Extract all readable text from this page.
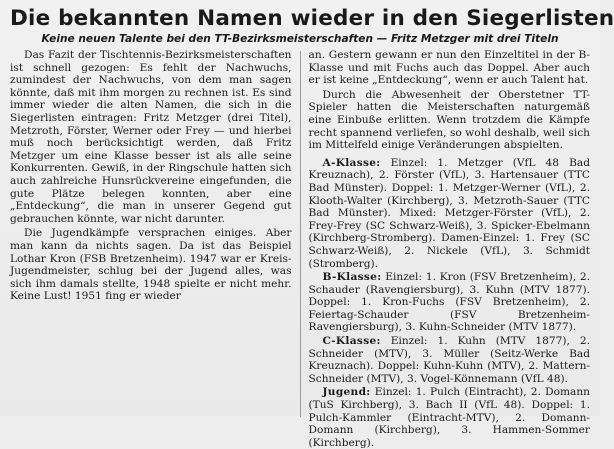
Die bekannten Namen wieder in den Siegerlisten
Keine neuen Talente bei den TT-Bezirksmeisterschaften — Fritz Metzger mit drei Titeln

Das Fazit der Tischtennis-Bezirksmeisterschaften ist schnell gezogen: Es fehlt der Nachwuchs, zumindest der Nachwuchs, von dem man sagen könnte, daß mit ihm morgen zu rechnen ist. Es sind immer wieder die alten Namen, die sich in die Siegerlisten eintragen: Fritz Metzger (drei Titel), Metzroth, Förster, Werner oder Frey — und hierbei muß noch berücksichtigt werden, daß Fritz Metzger um eine Klasse besser ist als alle seine Konkurrenten. Gewiß, in der Ringschule hatten sich auch zahlreiche Hunsrückvereine eingefunden, die gute Plätze belegen konnten, aber eine „Entdeckung“, die man in unserer Gegend gut gebrauchen könnte, war nicht darunter.

Die Jugendkämpfe versprachen einiges. Aber man kann da nichts sagen. Da ist das Beispiel Lothar Kron (FSB Bretzenheim). 1947 war er Kreis-Jugendmeister, schlug bei der Jugend alles, was sich ihm damals stellte, 1948 spielte er nicht mehr. Keine Lust! 1951 fing er wieder

an. Gestern gewann er nun den Einzeltitel in der B-Klasse und mit Fuchs auch das Doppel. Aber auch er ist keine „Entdeckung“, wenn er auch Talent hat.

Durch die Abwesenheit der Oberstetner TT-Spieler hatten die Meisterschaften naturgemäß eine Einbuße erlitten. Wenn trotzdem die Kämpfe recht spannend verliefen, so wohl deshalb, weil sich im Mittelfeld einige Veränderungen abspielten.

A-Klasse: Einzel: 1. Metzger (VfL 48 Bad Kreuznach), 2. Förster (VfL), 3. Hartensauer (TTC Bad Münster). Doppel: 1. Metzger-Werner (VfL), 2. Klooth-Walter (Kirchberg), 3. Metzroth-Sauer (TTC Bad Münster). Mixed: Metzger-Förster (VfL), 2. Frey-Frey (SC Schwarz-Weiß), 3. Spicker-Ebelmann (Kirchberg-Stromberg). Damen-Einzel: 1. Frey (SC Schwarz-Weiß), 2. Nickele (VfL), 3. Schmidt (Stromberg).

B-Klasse: Einzel: 1. Kron (FSV Bretzenheim), 2. Schauder (Ravengiersburg), 3. Kuhn (MTV 1877). Doppel: 1. Kron-Fuchs (FSV Bretzenheim), 2. Feiertag-Schauder (FSV Bretzenheim-Ravengiersburg), 3. Kuhn-Schneider (MTV 1877).

C-Klasse: Einzel: 1. Kuhn (MTV 1877), 2. Schneider (MTV), 3. Müller (Seitz-Werke Bad Kreuznach). Doppel: Kuhn-Kuhn (MTV), 2. Mattern-Schneider (MTV), 3. Vogel-Könnemann (VfL 48).

Jugend: Einzel: 1. Pulch (Eintracht), 2. Domann (TuS Kirchberg), 3. Bach II (VfL 48). Doppel: 1. Pulch-Kammler (Eintracht-MTV), 2. Domann-Domann (Kirchberg), 3. Hammen-Sommer (Kirchberg).
